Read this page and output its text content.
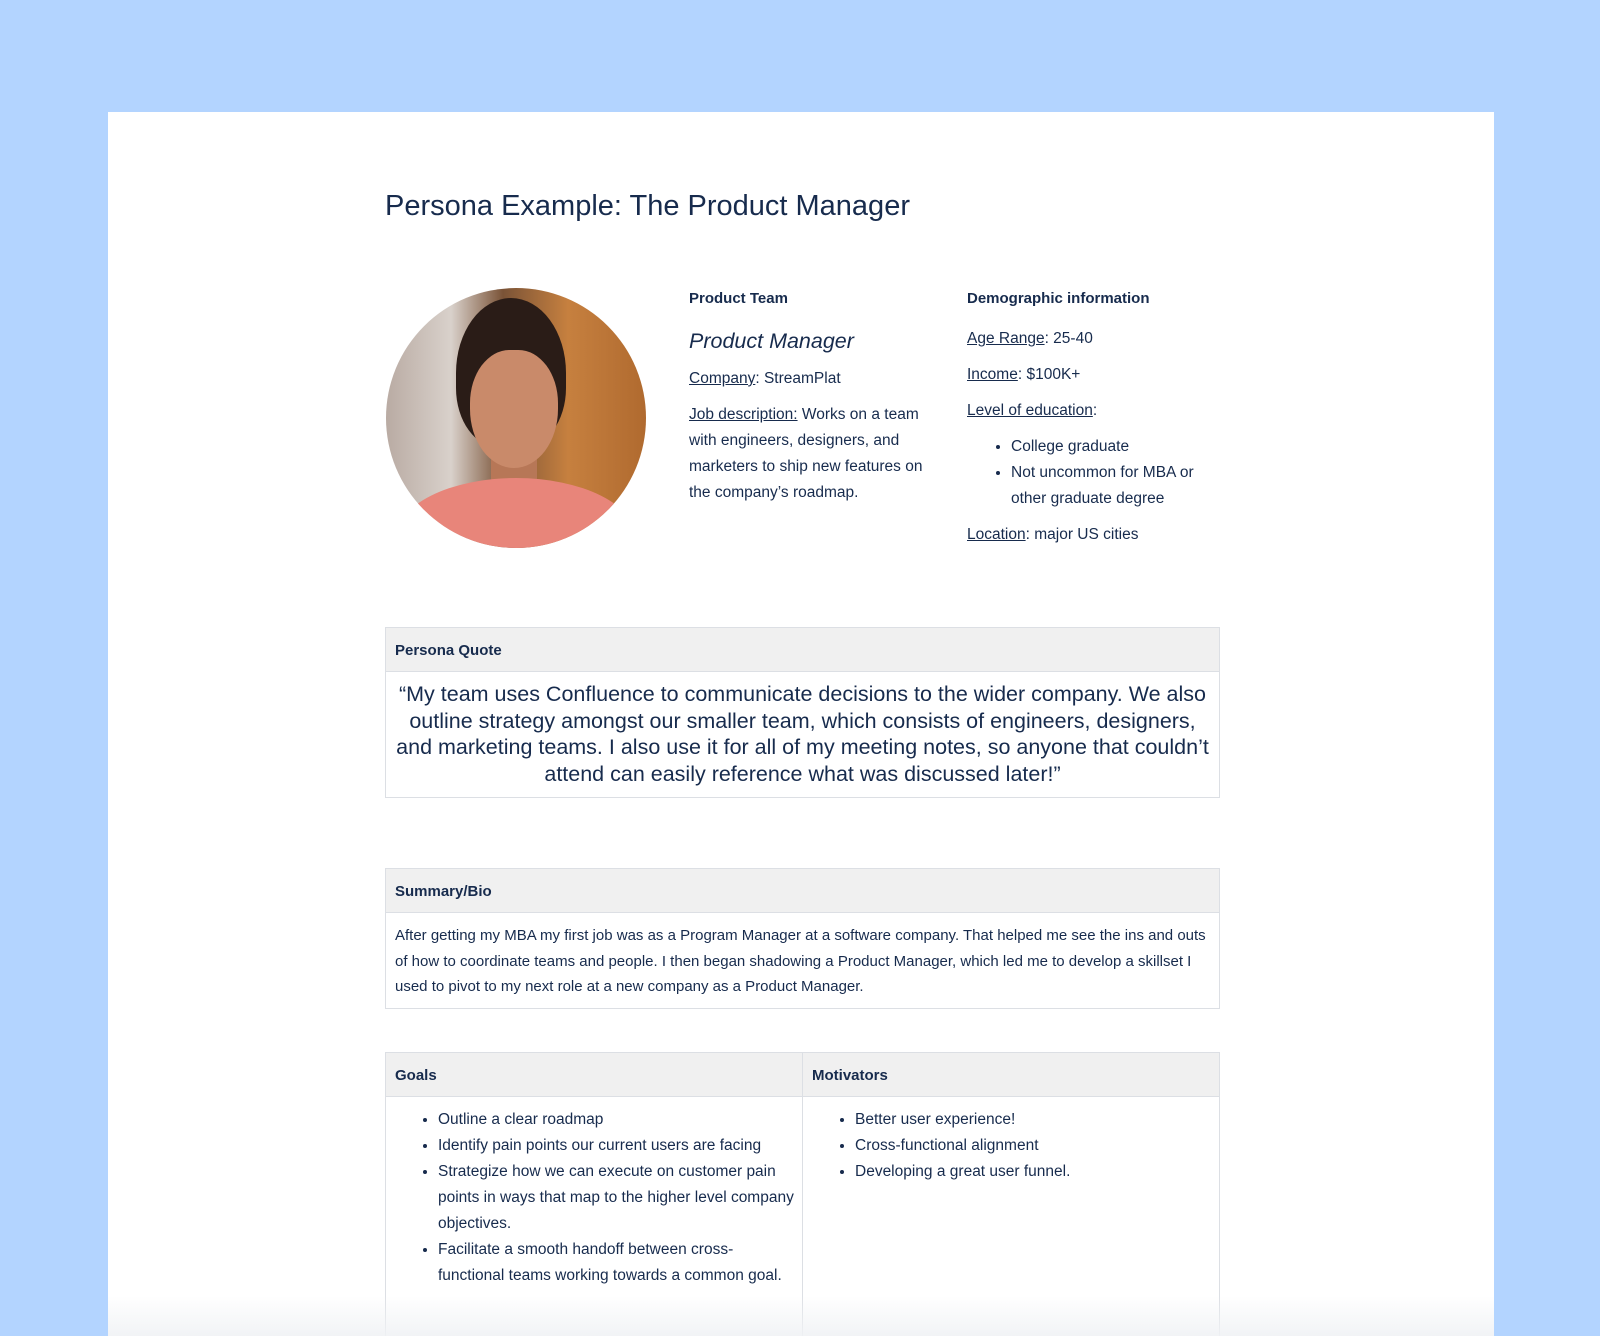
Persona Example: The Product Manager
Product Team
Product Manager
Company: StreamPlat
Job description: Works on a team with engineers, designers, and marketers to ship new features on the company’s roadmap.
Demographic information
Age Range: 25-40
Income: $100K+
Level of education:
• College graduate
• Not uncommon for MBA or other graduate degree
Location: major US cities
Persona Quote
“My team uses Confluence to communicate decisions to the wider company. We also outline strategy amongst our smaller team, which consists of engineers, designers, and marketing teams. I also use it for all of my meeting notes, so anyone that couldn’t attend can easily reference what was discussed later!”
Summary/Bio
After getting my MBA my first job was as a Program Manager at a software company. That helped me see the ins and outs of how to coordinate teams and people. I then began shadowing a Product Manager, which led me to develop a skillset I used to pivot to my next role at a new company as a Product Manager.
Goals
• Outline a clear roadmap
• Identify pain points our current users are facing
• Strategize how we can execute on customer pain points in ways that map to the higher level company objectives.
• Facilitate a smooth handoff between cross-functional teams working towards a common goal.
Motivators
• Better user experience!
• Cross-functional alignment
• Developing a great user funnel.
